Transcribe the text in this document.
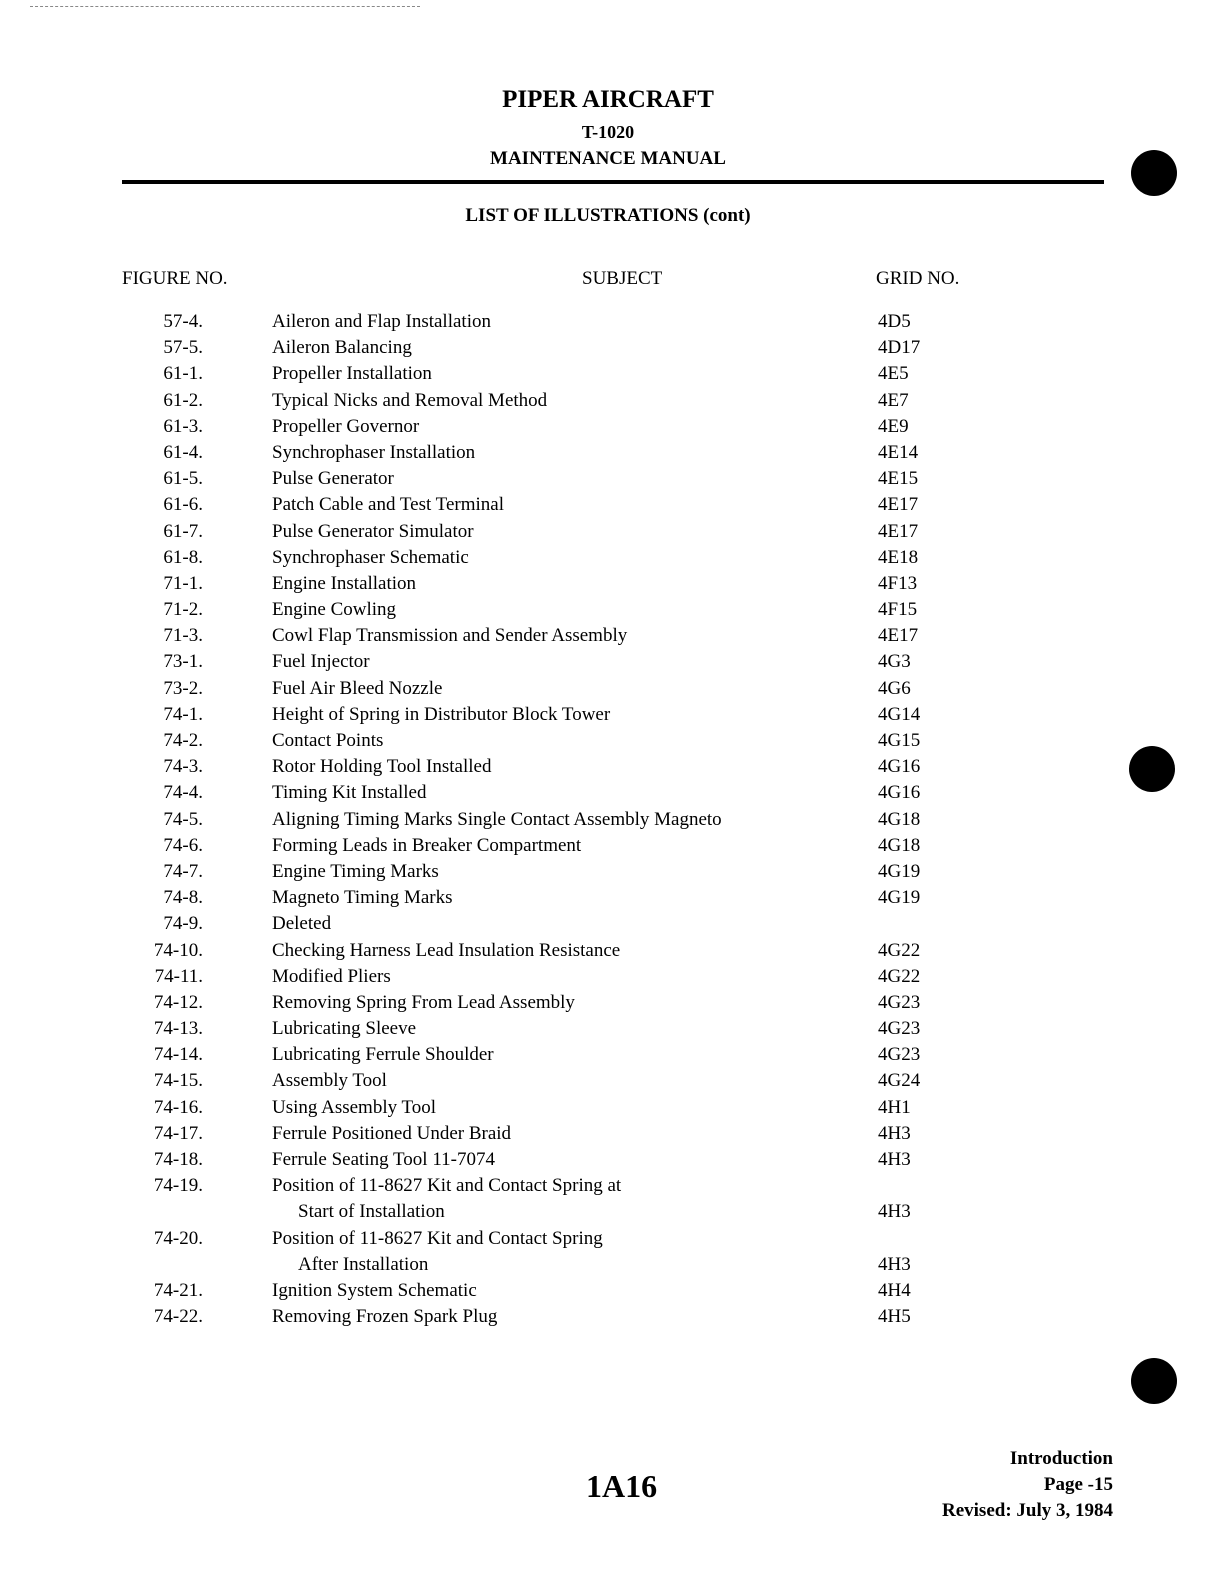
PIPER AIRCRAFT
T-1020
MAINTENANCE MANUAL
LIST OF ILLUSTRATIONS (cont)
FIGURE NO.	SUBJECT	GRID NO.
57-4.	Aileron and Flap Installation	4D5
57-5.	Aileron Balancing	4D17
61-1.	Propeller Installation	4E5
61-2.	Typical Nicks and Removal Method	4E7
61-3.	Propeller Governor	4E9
61-4.	Synchrophaser Installation	4E14
61-5.	Pulse Generator	4E15
61-6.	Patch Cable and Test Terminal	4E17
61-7.	Pulse Generator Simulator	4E17
61-8.	Synchrophaser Schematic	4E18
71-1.	Engine Installation	4F13
71-2.	Engine Cowling	4F15
71-3.	Cowl Flap Transmission and Sender Assembly	4E17
73-1.	Fuel Injector	4G3
73-2.	Fuel Air Bleed Nozzle	4G6
74-1.	Height of Spring in Distributor Block Tower	4G14
74-2.	Contact Points	4G15
74-3.	Rotor Holding Tool Installed	4G16
74-4.	Timing Kit Installed	4G16
74-5.	Aligning Timing Marks Single Contact Assembly Magneto	4G18
74-6.	Forming Leads in Breaker Compartment	4G18
74-7.	Engine Timing Marks	4G19
74-8.	Magneto Timing Marks	4G19
74-9.	Deleted
74-10.	Checking Harness Lead Insulation Resistance	4G22
74-11.	Modified Pliers	4G22
74-12.	Removing Spring From Lead Assembly	4G23
74-13.	Lubricating Sleeve	4G23
74-14.	Lubricating Ferrule Shoulder	4G23
74-15.	Assembly Tool	4G24
74-16.	Using Assembly Tool	4H1
74-17.	Ferrule Positioned Under Braid	4H3
74-18.	Ferrule Seating Tool 11-7074	4H3
74-19.	Position of 11-8627 Kit and Contact Spring at
Start of Installation	4H3
74-20.	Position of 11-8627 Kit and Contact Spring
After Installation	4H3
74-21.	Ignition System Schematic	4H4
74-22.	Removing Frozen Spark Plug	4H5
1A16
Introduction
Page -15
Revised: July 3, 1984
